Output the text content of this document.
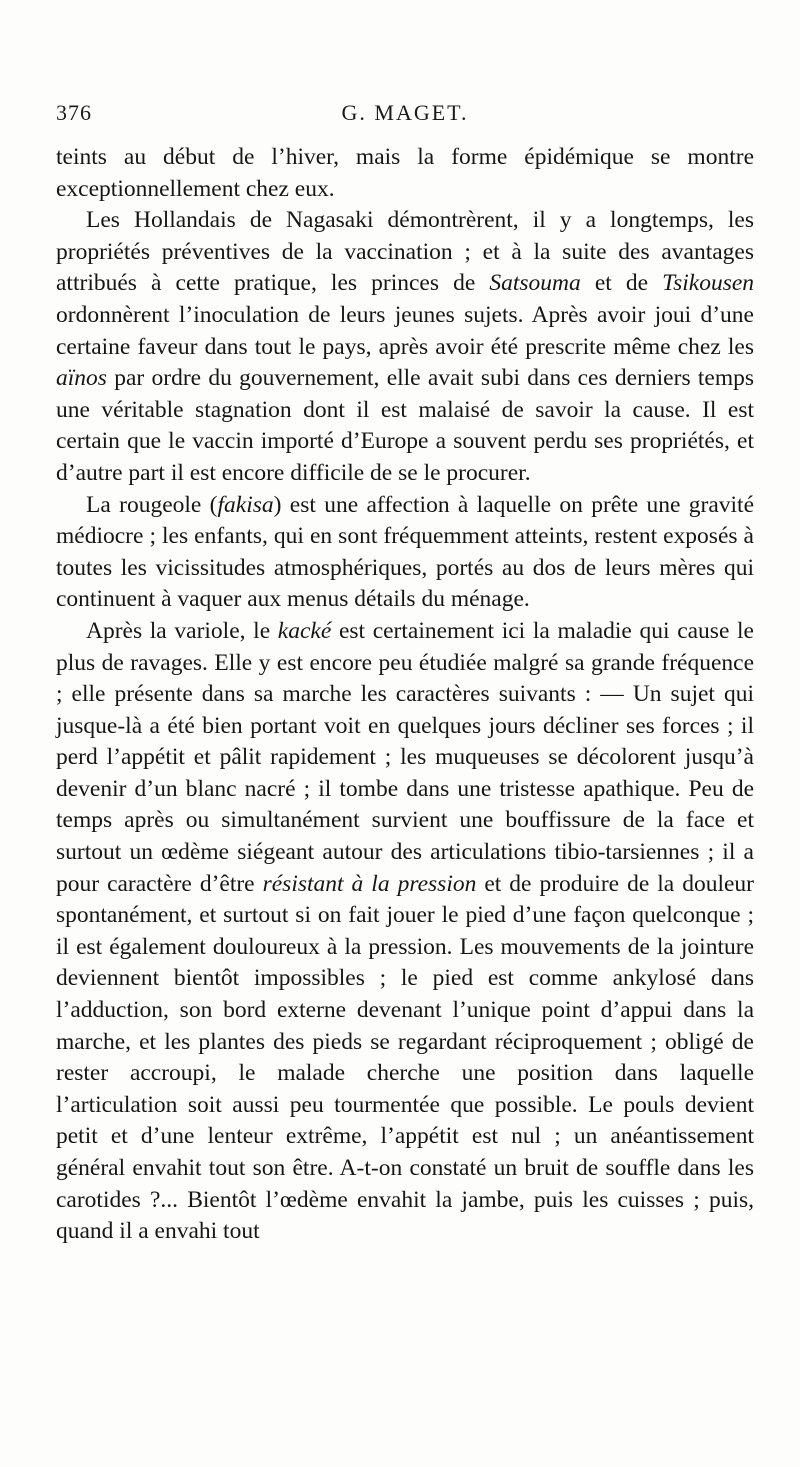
376	G. MAGET.

teints au début de l’hiver, mais la forme épidémique se montre exceptionnellement chez eux.

Les Hollandais de Nagasaki démontrèrent, il y a longtemps, les propriétés préventives de la vaccination ; et à la suite des avantages attribués à cette pratique, les princes de Satsouma et de Tsikousen ordonnèrent l’inoculation de leurs jeunes sujets. Après avoir joui d’une certaine faveur dans tout le pays, après avoir été prescrite même chez les aïnos par ordre du gouvernement, elle avait subi dans ces derniers temps une véritable stagnation dont il est malaisé de savoir la cause. Il est certain que le vaccin importé d’Europe a souvent perdu ses propriétés, et d’autre part il est encore difficile de se le procurer.

La rougeole (fakisa) est une affection à laquelle on prête une gravité médiocre ; les enfants, qui en sont fréquemment atteints, restent exposés à toutes les vicissitudes atmosphériques, portés au dos de leurs mères qui continuent à vaquer aux menus détails du ménage.

Après la variole, le kacké est certainement ici la maladie qui cause le plus de ravages. Elle y est encore peu étudiée malgré sa grande fréquence ; elle présente dans sa marche les caractères suivants : — Un sujet qui jusque-là a été bien portant voit en quelques jours décliner ses forces ; il perd l’appétit et pâlit rapidement ; les muqueuses se décolorent jusqu’à devenir d’un blanc nacré ; il tombe dans une tristesse apathique. Peu de temps après ou simultanément survient une bouffissure de la face et surtout un œdème siégeant autour des articulations tibio-tarsiennes ; il a pour caractère d’être résistant à la pression et de produire de la douleur spontanément, et surtout si on fait jouer le pied d’une façon quelconque ; il est également douloureux à la pression. Les mouvements de la jointure deviennent bientôt impossibles ; le pied est comme ankylosé dans l’adduction, son bord externe devenant l’unique point d’appui dans la marche, et les plantes des pieds se regardant réciproquement ; obligé de rester accroupi, le malade cherche une position dans laquelle l’articulation soit aussi peu tourmentée que possible. Le pouls devient petit et d’une lenteur extrême, l’appétit est nul ; un anéantissement général envahit tout son être. A-t-on constaté un bruit de souffle dans les carotides ?... Bientôt l’œdème envahit la jambe, puis les cuisses ; puis, quand il a envahi tout
